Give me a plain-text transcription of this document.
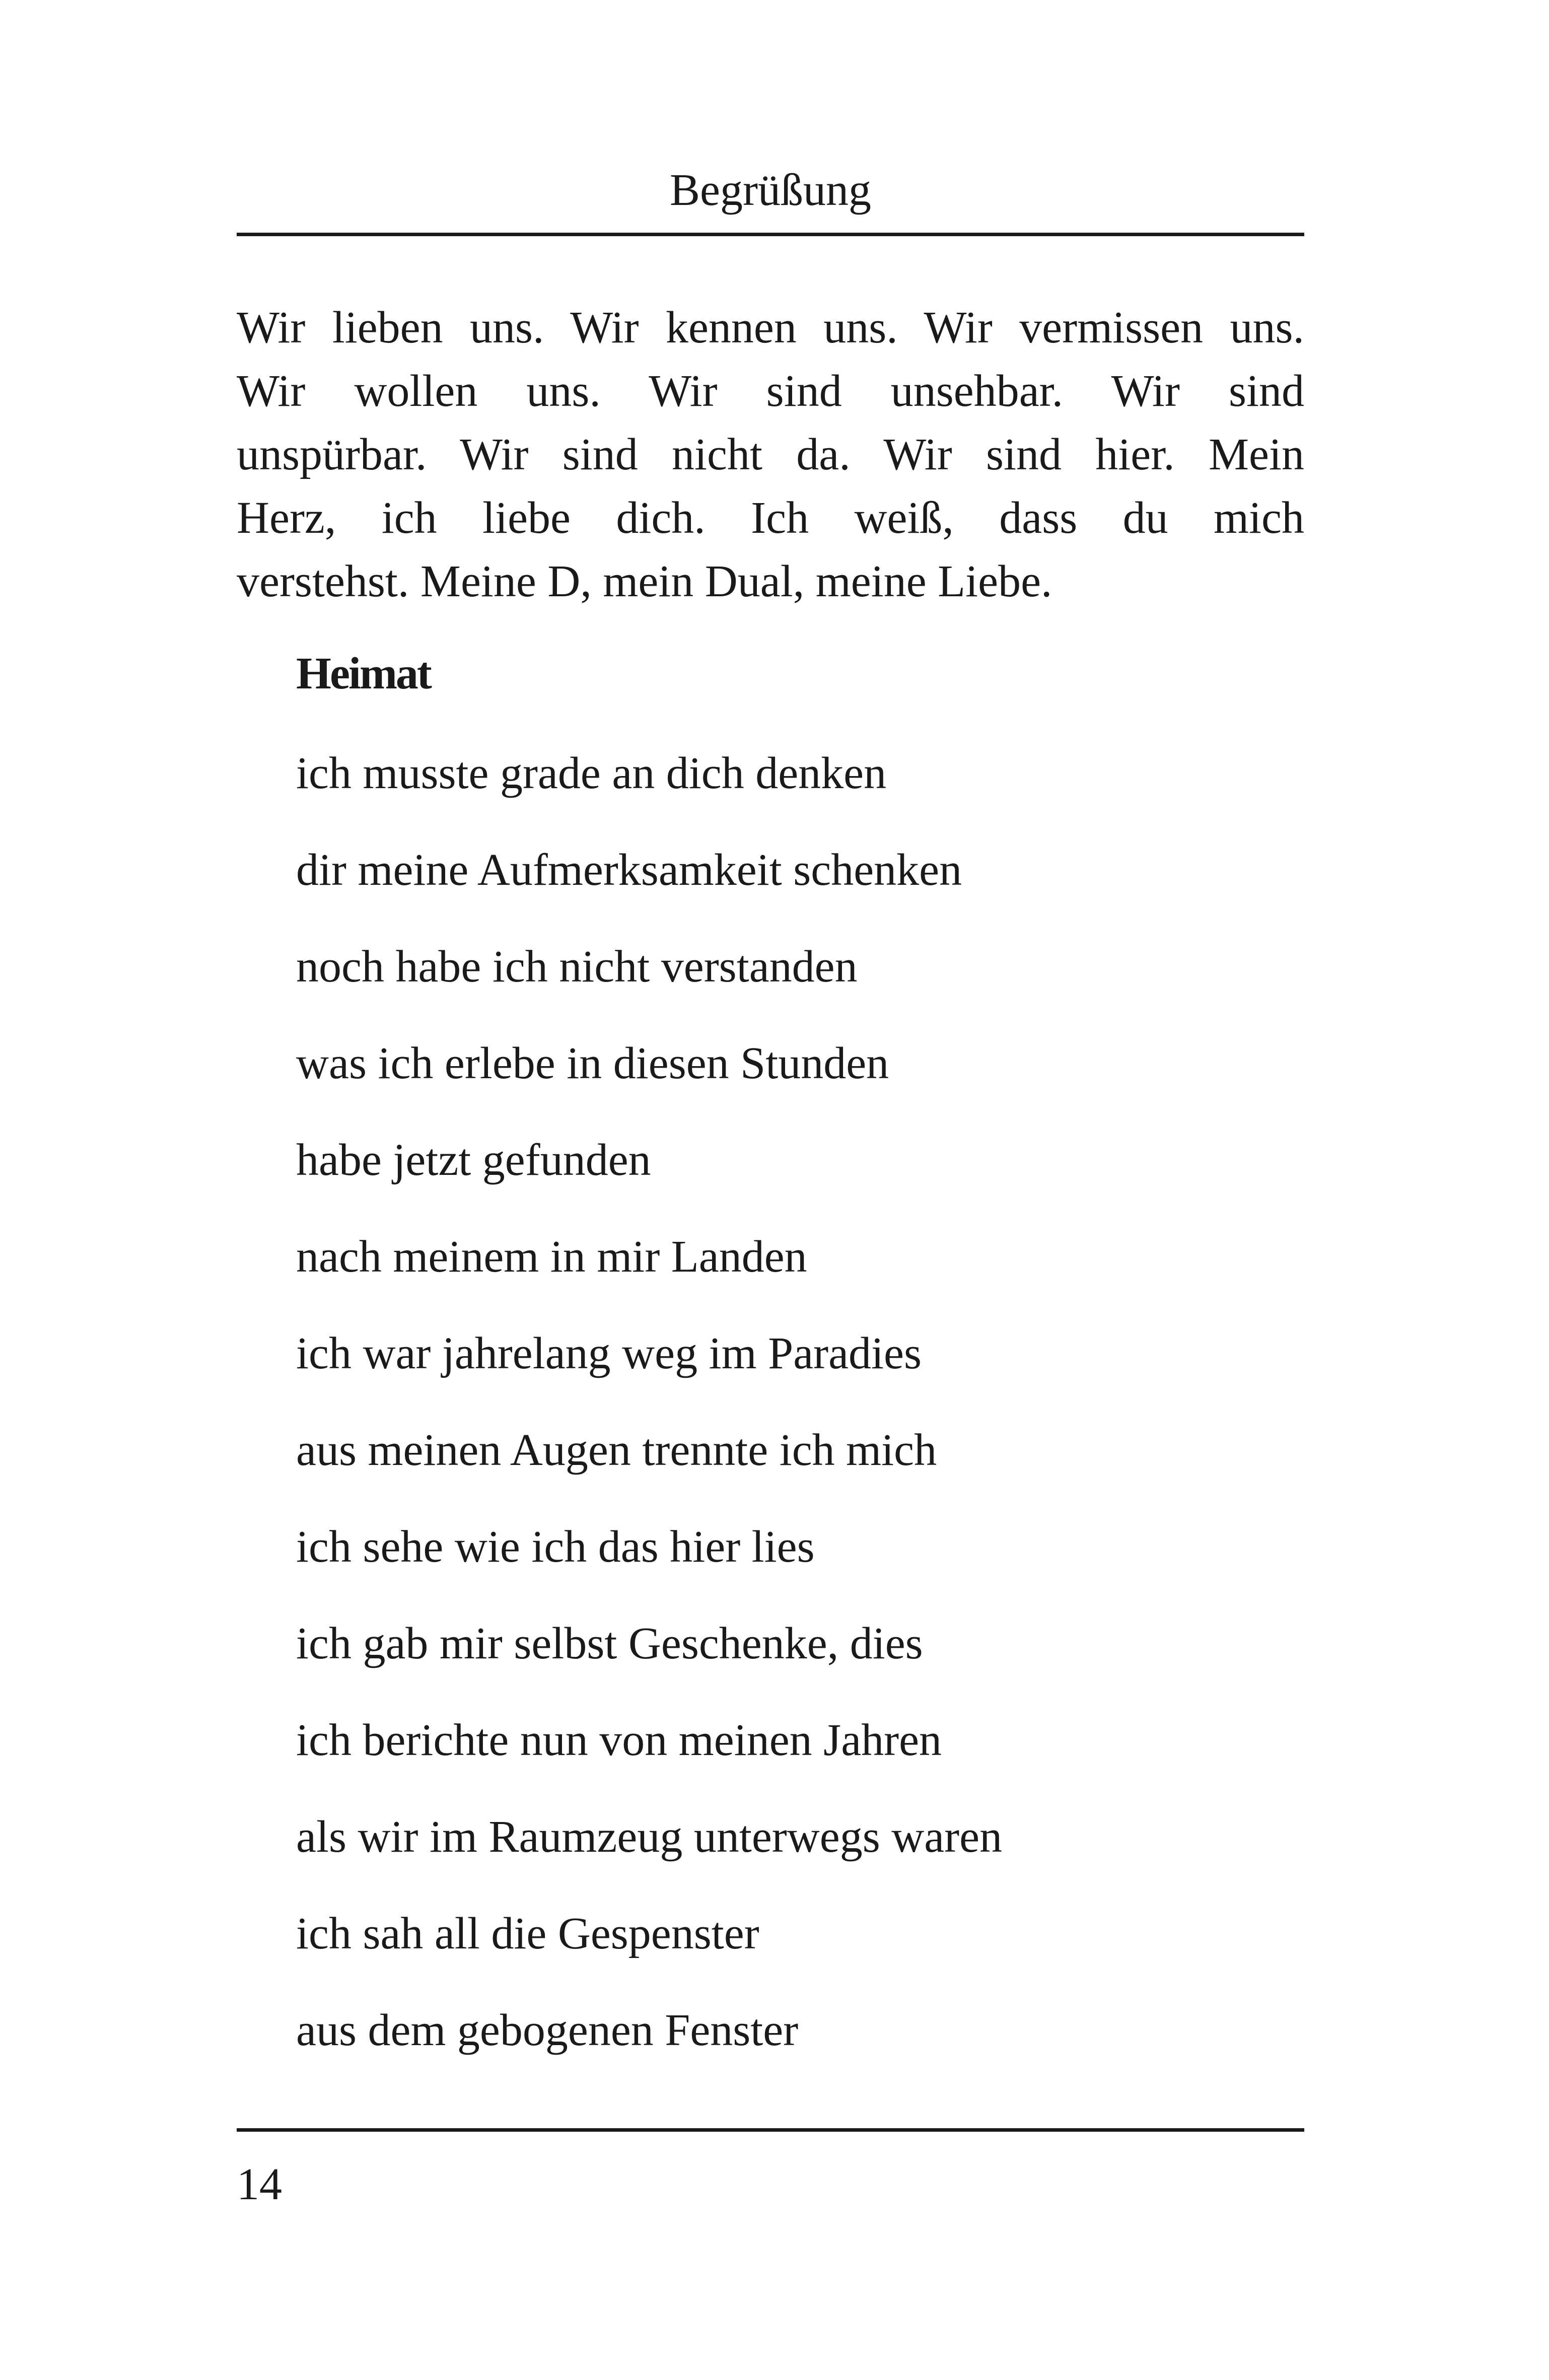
Begrüßung

Wir lieben uns. Wir kennen uns. Wir vermissen uns.
Wir wollen uns. Wir sind unsehbar. Wir sind
unspürbar. Wir sind nicht da. Wir sind hier. Mein
Herz, ich liebe dich. Ich weiß, dass du mich
verstehst. Meine D, mein Dual, meine Liebe.

Heimat
ich musste grade an dich denken
dir meine Aufmerksamkeit schenken
noch habe ich nicht verstanden
was ich erlebe in diesen Stunden
habe jetzt gefunden
nach meinem in mir Landen
ich war jahrelang weg im Paradies
aus meinen Augen trennte ich mich
ich sehe wie ich das hier lies
ich gab mir selbst Geschenke, dies
ich berichte nun von meinen Jahren
als wir im Raumzeug unterwegs waren
ich sah all die Gespenster
aus dem gebogenen Fenster
14
